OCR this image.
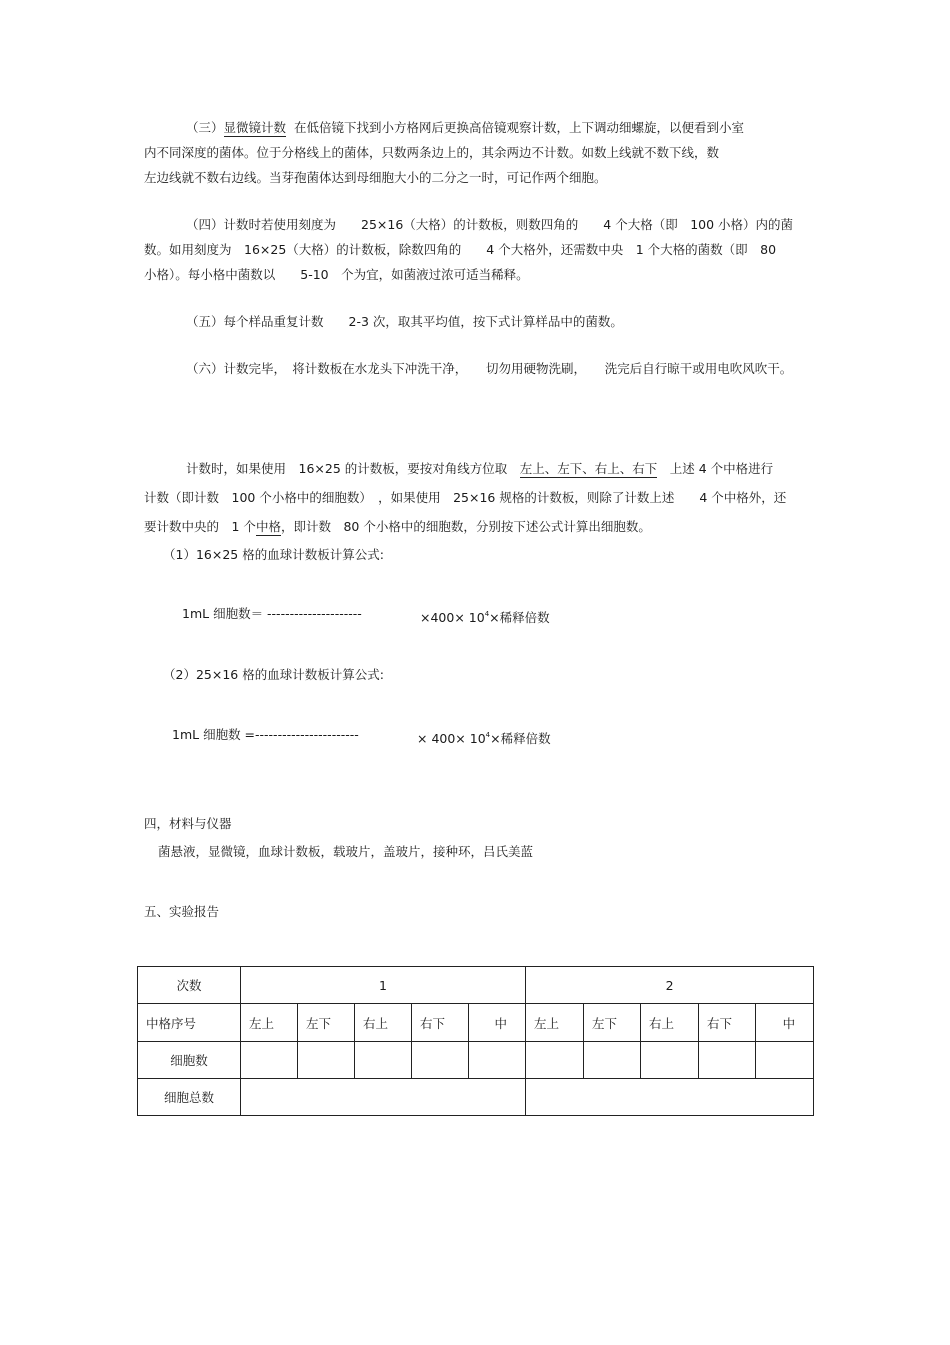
（三）显微镜计数 在低倍镜下找到小方格网后更换高倍镜观察计数，上下调动细螺旋，以便看到小室
内不同深度的菌体。位于分格线上的菌体，只数两条边上的，其余两边不计数。如数上线就不数下线，数
左边线就不数右边线。当芽孢菌体达到母细胞大小的二分之一时，可记作两个细胞。
（四）计数时若使用刻度为　　25×16（大格）的计数板，则数四角的　　4 个大格（即　100 小格）内的菌
数。如用刻度为　16×25（大格）的计数板，除数四角的　　4 个大格外，还需数中央　1 个大格的菌数（即　80
小格）。每小格中菌数以　　5-10　个为宜，如菌液过浓可适当稀释。
（五）每个样品重复计数　　2-3 次，取其平均值，按下式计算样品中的菌数。
（六）计数完毕，　将计数板在水龙头下冲洗干净，　　切勿用硬物洗刷，　　洗完后自行晾干或用电吹风吹干。
计数时，如果使用　16×25 的计数板，要按对角线方位取　左上、左下、右上、右下　上述 4 个中格进行
计数（即计数　100 个小格中的细胞数）　，如果使用　25×16 规格的计数板，则除了计数上述　　4 个中格外，还
要计数中央的　1 个中格，即计数　80 个小格中的细胞数，分别按下述公式计算出细胞数。
（1）16×25 格的血球计数板计算公式:
1mL 细胞数＝ ---------------------	$\times 400\times 10^4\times$稀释倍数
（2）25×16 格的血球计数板计算公式:
1mL 细胞数 =-----------------------	× $400\times 10^4\times$稀释倍数
四，材料与仪器
菌悬液，显微镜，血球计数板，载玻片，盖玻片，接种环，吕氏美蓝
五、实验报告
次数	1					2				
中格序号	左上	左下	右上	右下	中	左上	左下	右上	右下	中
细胞数										
细胞总数										
